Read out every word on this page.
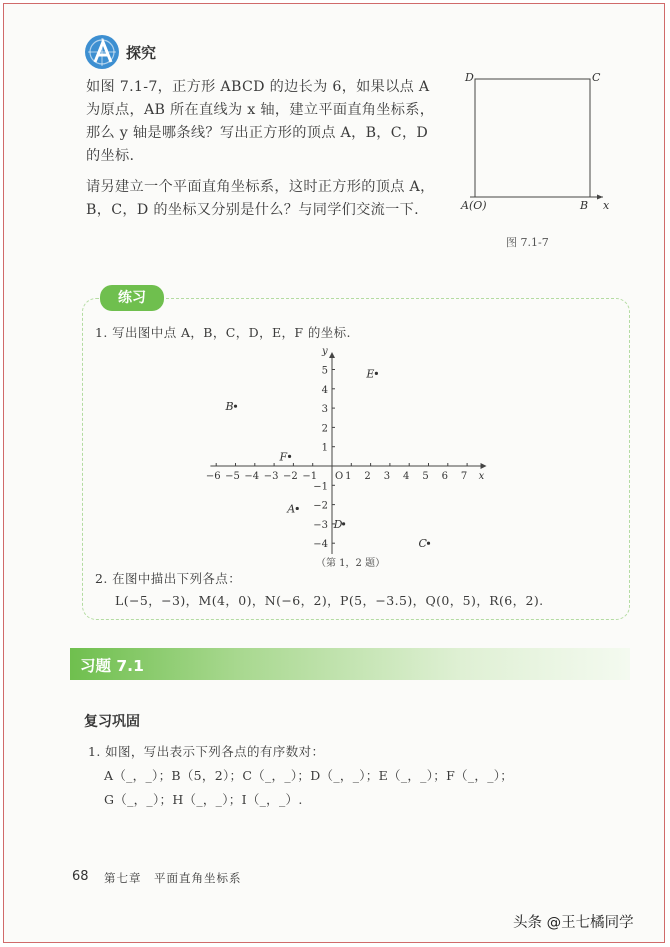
探究
如图 7.1-7，正方形 ABCD 的边长为 6，如果以点 A 为原点，AB 所在直线为 x 轴，建立平面直角坐标系，那么 y 轴是哪条线？写出正方形的顶点 A，B，C，D 的坐标.
请另建立一个平面直角坐标系，这时正方形的顶点 A，B，C，D 的坐标又分别是什么？与同学们交流一下.
D	C
A(O)	B x
图 7.1-7
练习
1. 写出图中点 A，B，C，D，E，F 的坐标.
−6 −5 −4 −3 −2 −1 O 1 2 3 4 5 6 7 x
5
4
3
2
1
−1
−2
−3
−4
y
A
B
C
D
E
F
（第 1，2 题）
2. 在图中描出下列各点：
L(−5，−3)，M(4，0)，N(−6，2)，P(5，−3.5)，Q(0，5)，R(6，2).
习题 7.1
复习巩固
1. 如图，写出表示下列各点的有序数对：
A（_，_）；B（5，2）；C（_，_）；D（_，_）；E（_，_）；F（_，_）；
G（_，_）；H（_，_）；I（_，_）.
68 第七章　平面直角坐标系
头条 @王七橘同学
